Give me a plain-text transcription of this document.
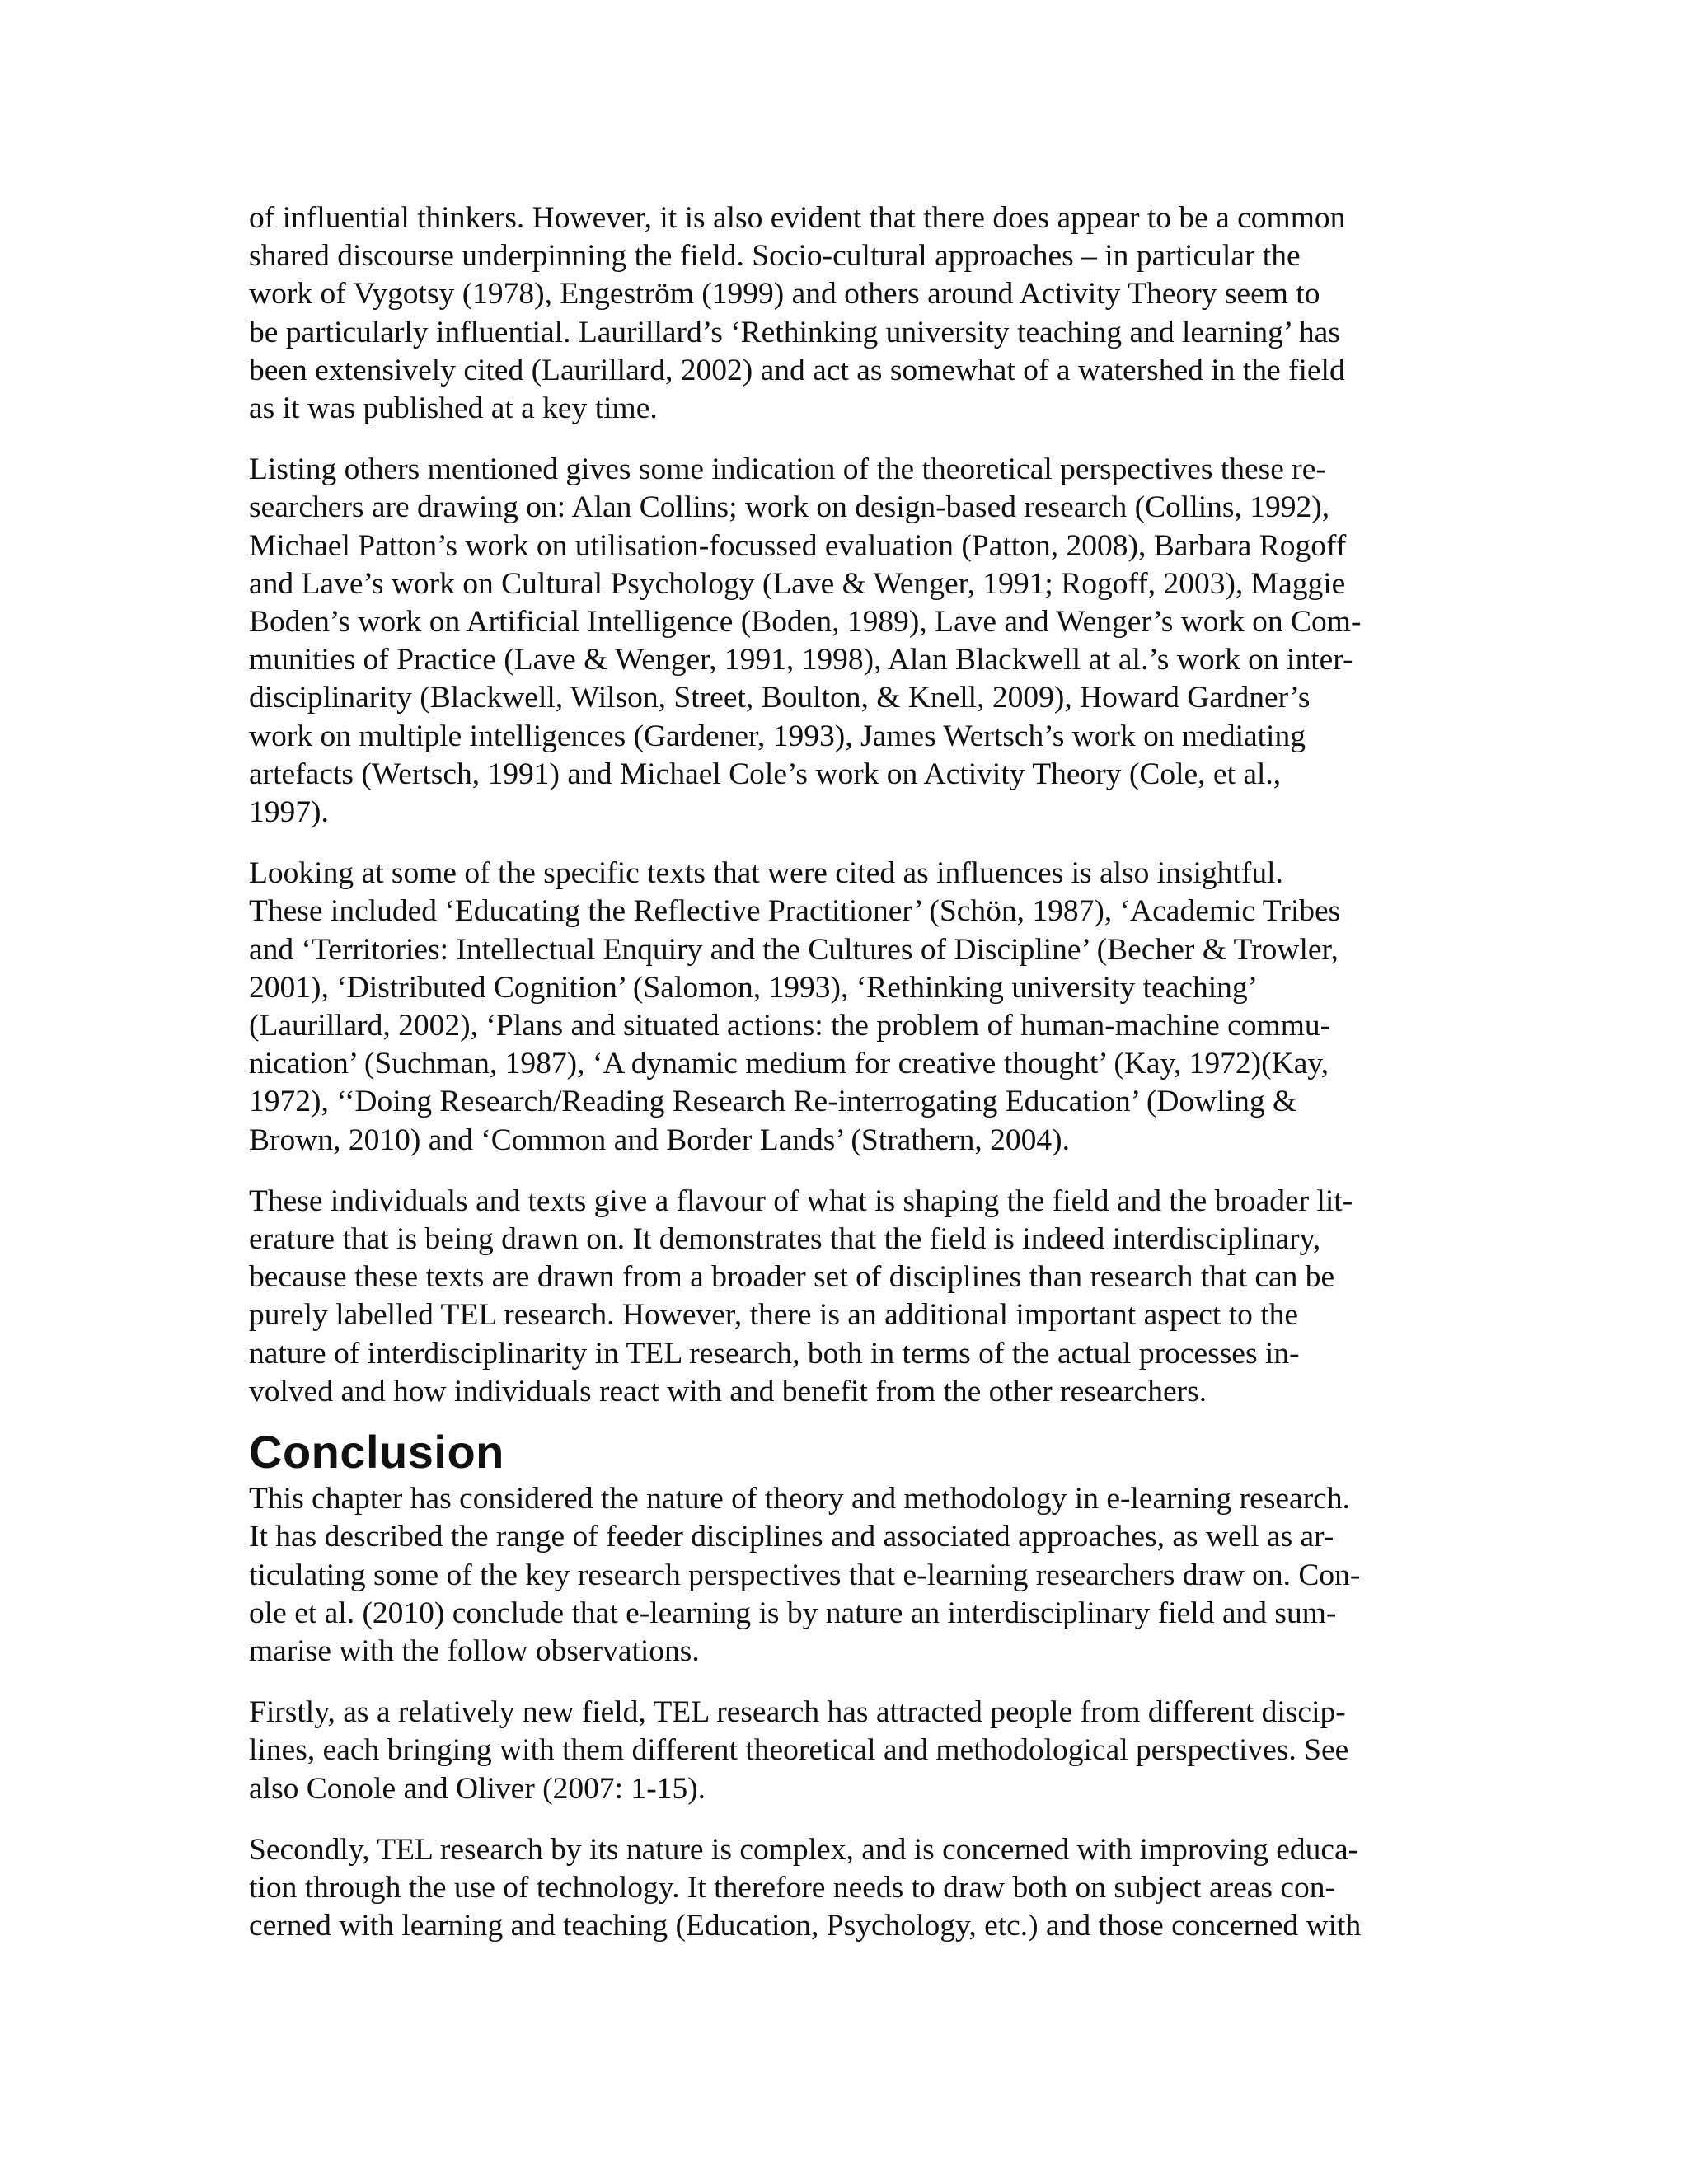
of influential thinkers. However, it is also evident that there does appear to be a common
shared discourse underpinning the field. Socio-cultural approaches – in particular the
work of Vygotsy (1978), Engeström (1999) and others around Activity Theory seem to
be particularly influential. Laurillard’s ‘Rethinking university teaching and learning’ has
been extensively cited (Laurillard, 2002) and act as somewhat of a watershed in the field
as it was published at a key time.

Listing others mentioned gives some indication of the theoretical perspectives these re-
searchers are drawing on: Alan Collins; work on design-based research (Collins, 1992),
Michael Patton’s work on utilisation-focussed evaluation (Patton, 2008), Barbara Rogoff
and Lave’s work on Cultural Psychology (Lave & Wenger, 1991; Rogoff, 2003), Maggie
Boden’s work on Artificial Intelligence (Boden, 1989), Lave and Wenger’s work on Com-
munities of Practice (Lave & Wenger, 1991, 1998), Alan Blackwell at al.’s work on inter-
disciplinarity (Blackwell, Wilson, Street, Boulton, & Knell, 2009), Howard Gardner’s
work on multiple intelligences (Gardener, 1993), James Wertsch’s work on mediating
artefacts (Wertsch, 1991) and Michael Cole’s work on Activity Theory (Cole, et al.,
1997).

Looking at some of the specific texts that were cited as influences is also insightful.
These included ‘Educating the Reflective Practitioner’ (Schön, 1987), ‘Academic Tribes
and ‘Territories: Intellectual Enquiry and the Cultures of Discipline’ (Becher & Trowler,
2001), ‘Distributed Cognition’ (Salomon, 1993), ‘Rethinking university teaching’
(Laurillard, 2002), ‘Plans and situated actions: the problem of human-machine commu-
nication’ (Suchman, 1987), ‘A dynamic medium for creative thought’ (Kay, 1972)(Kay,
1972), ‘‘Doing Research/Reading Research Re-interrogating Education’ (Dowling &
Brown, 2010) and ‘Common and Border Lands’ (Strathern, 2004).

These individuals and texts give a flavour of what is shaping the field and the broader lit-
erature that is being drawn on. It demonstrates that the field is indeed interdisciplinary,
because these texts are drawn from a broader set of disciplines than research that can be
purely labelled TEL research. However, there is an additional important aspect to the
nature of interdisciplinarity in TEL research, both in terms of the actual processes in-
volved and how individuals react with and benefit from the other researchers.

Conclusion

This chapter has considered the nature of theory and methodology in e-learning research.
It has described the range of feeder disciplines and associated approaches, as well as ar-
ticulating some of the key research perspectives that e-learning researchers draw on. Con-
ole et al. (2010) conclude that e-learning is by nature an interdisciplinary field and sum-
marise with the follow observations.

Firstly, as a relatively new field, TEL research has attracted people from different discip-
lines, each bringing with them different theoretical and methodological perspectives. See
also Conole and Oliver (2007: 1-15).

Secondly, TEL research by its nature is complex, and is concerned with improving educa-
tion through the use of technology. It therefore needs to draw both on subject areas con-
cerned with learning and teaching (Education, Psychology, etc.) and those concerned with
